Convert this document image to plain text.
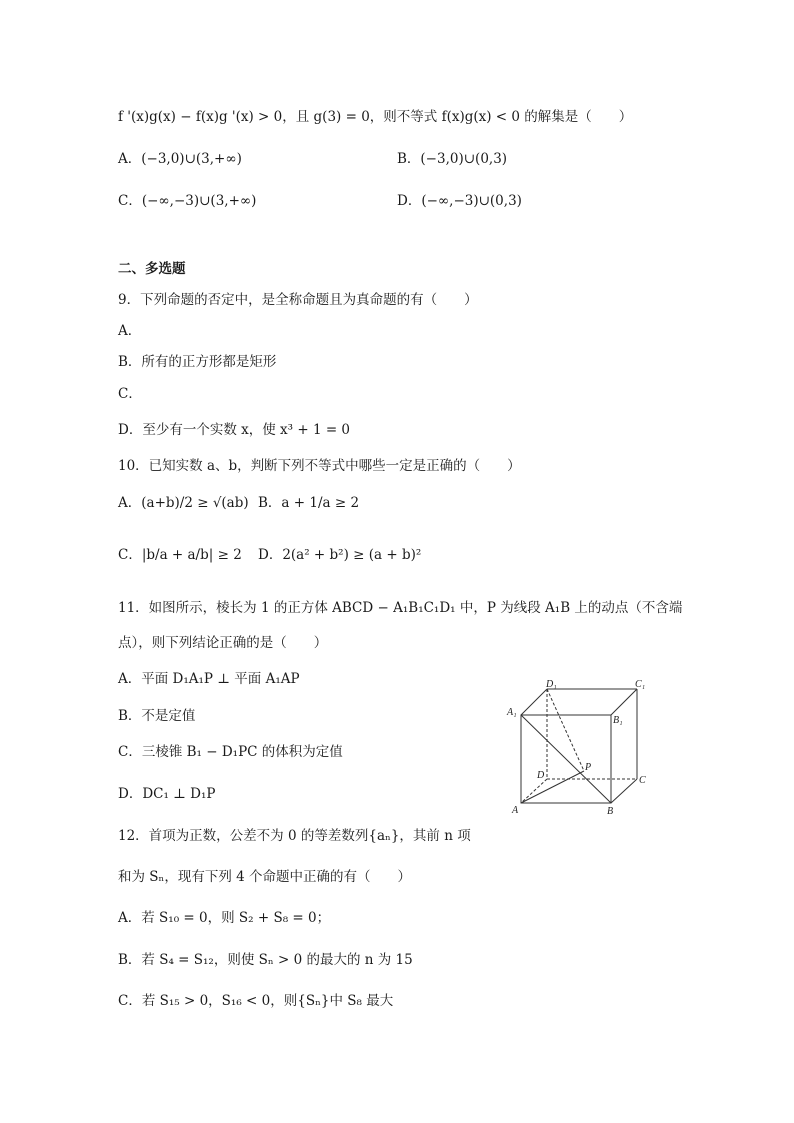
f '(x)g(x) − f(x)g '(x) > 0，且 g(3) = 0，则不等式 f(x)g(x) < 0 的解集是（　　）
A．(−3,0)∪(3,+∞)	B．(−3,0)∪(0,3)
C．(−∞,−3)∪(3,+∞)	D．(−∞,−3)∪(0,3)
二、多选题
9．下列命题的否定中，是全称命题且为真命题的有（　　）
A．
B．所有的正方形都是矩形
C．
D．至少有一个实数 x，使 x³ + 1 = 0
10．已知实数 a、b，判断下列不等式中哪些一定是正确的（　　）
A．(a+b)/2 ≥ √(ab) B．a + 1/a ≥ 2
C．|b/a + a/b| ≥ 2 D．2(a² + b²) ≥ (a + b)²
11．如图所示，棱长为 1 的正方体 ABCD − A₁B₁C₁D₁ 中，P 为线段 A₁B 上的动点（不含端
点），则下列结论正确的是（　　）
A．平面 D₁A₁P ⊥ 平面 A₁AP
B．不是定值
C．三棱锥 B₁ − D₁PC 的体积为定值
D．DC₁ ⊥ D₁P
D₁	C₁
A₁
B₁
D	C
P
A	B
12．首项为正数，公差不为 0 的等差数列{aₙ}，其前 n 项
和为 Sₙ，现有下列 4 个命题中正确的有（　　）
A．若 S₁₀ = 0，则 S₂ + S₈ = 0；
B．若 S₄ = S₁₂，则使 Sₙ > 0 的最大的 n 为 15
C．若 S₁₅ > 0，S₁₆ < 0，则{Sₙ}中 S₈ 最大
